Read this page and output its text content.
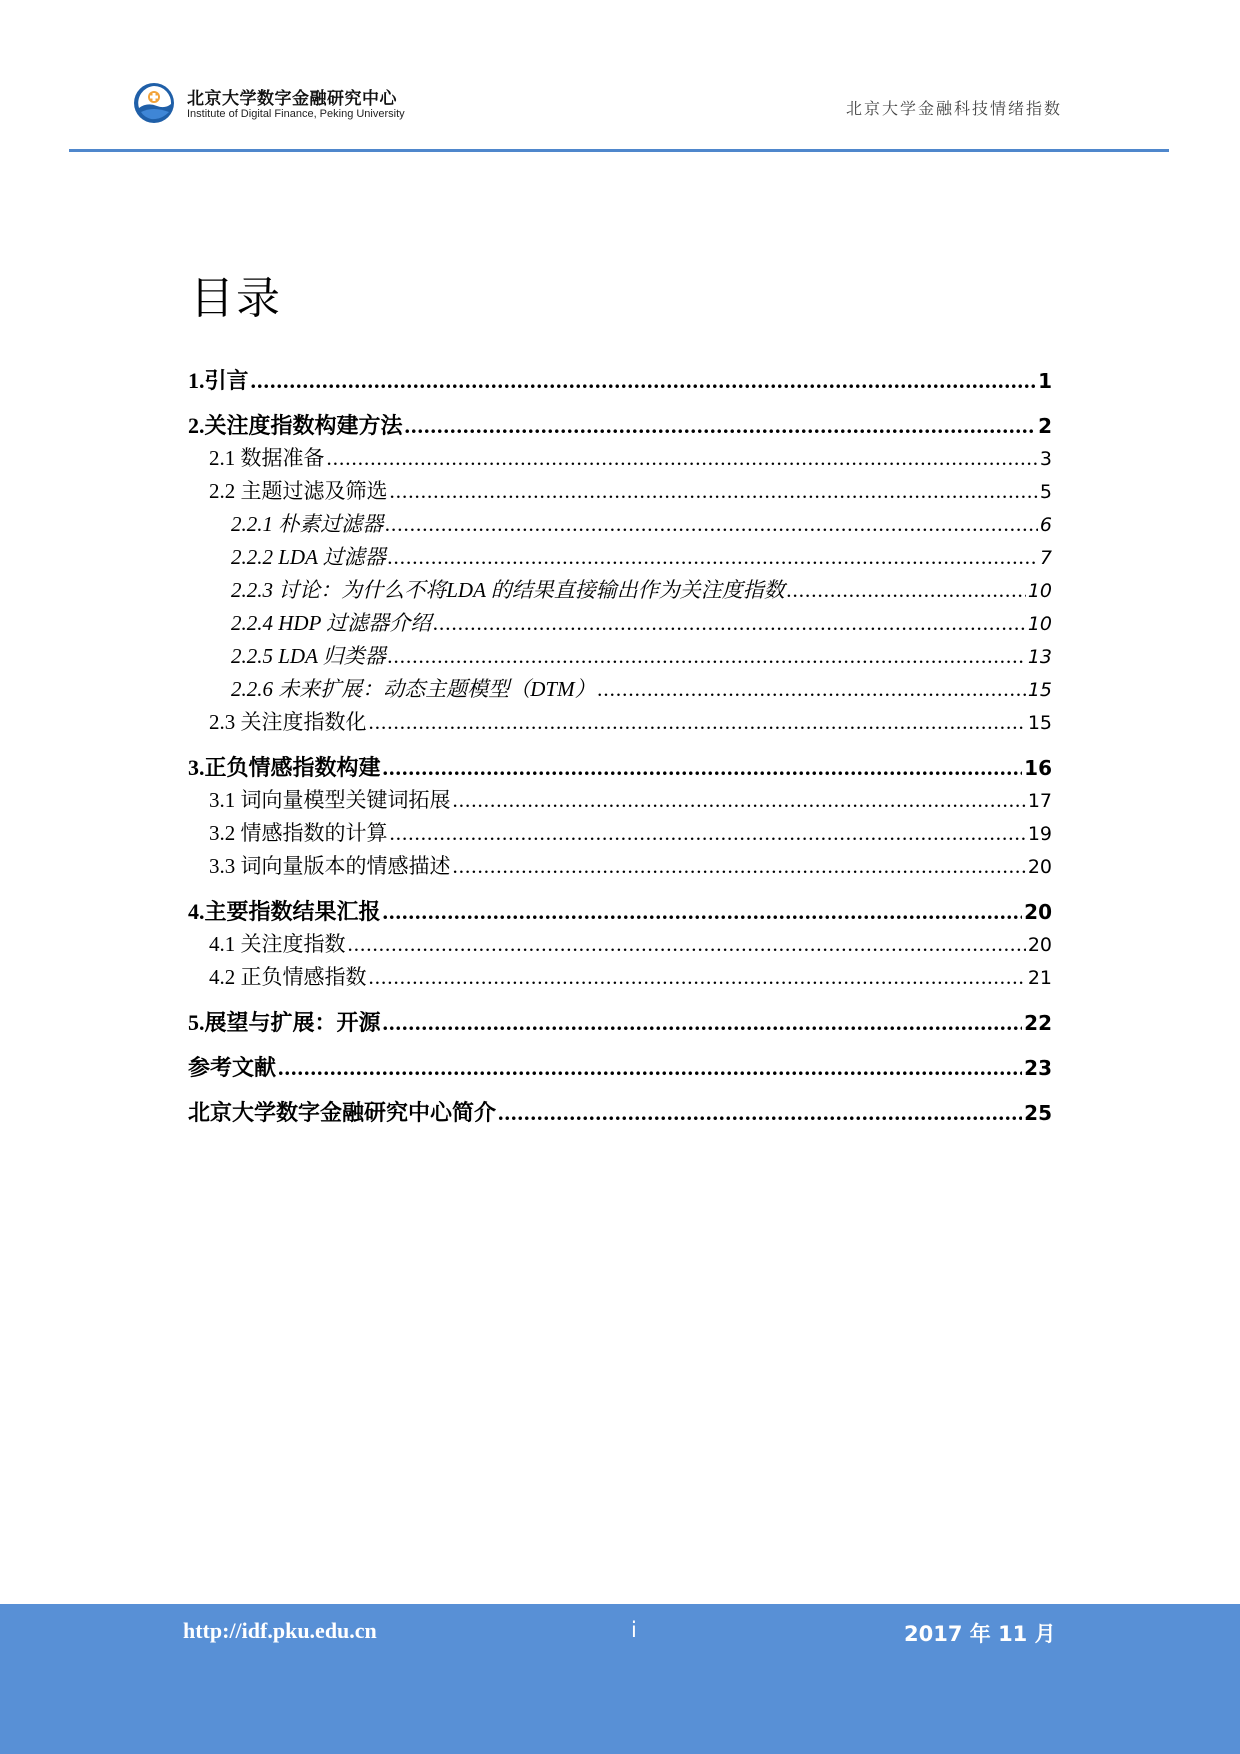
北京大学数字金融研究中心
Institute of Digital Finance, Peking University	北京大学金融科技情绪指数
目录
1.引言 .....	1
2.关注度指数构建方法 .....	2
2.1 数据准备 .....	3
2.2 主题过滤及筛选 .....	5
2.2.1 朴素过滤器 .....	6
2.2.2 LDA 过滤器 .....	7
2.2.3 讨论：为什么不将LDA 的结果直接输出作为关注度指数 .....	10
2.2.4 HDP 过滤器介绍 .....	10
2.2.5 LDA 归类器 .....	13
2.2.6 未来扩展：动态主题模型（DTM） .....	15
2.3 关注度指数化 .....	15
3.正负情感指数构建 .....	16
3.1 词向量模型关键词拓展 .....	17
3.2 情感指数的计算 .....	19
3.3 词向量版本的情感描述 .....	20
4.主要指数结果汇报 .....	20
4.1 关注度指数 .....	20
4.2 正负情感指数 .....	21
5.展望与扩展：开源 .....	22
参考文献 .....	23
北京大学数字金融研究中心简介 .....	25
http://idf.pku.edu.cn	i	2017 年 11 月
